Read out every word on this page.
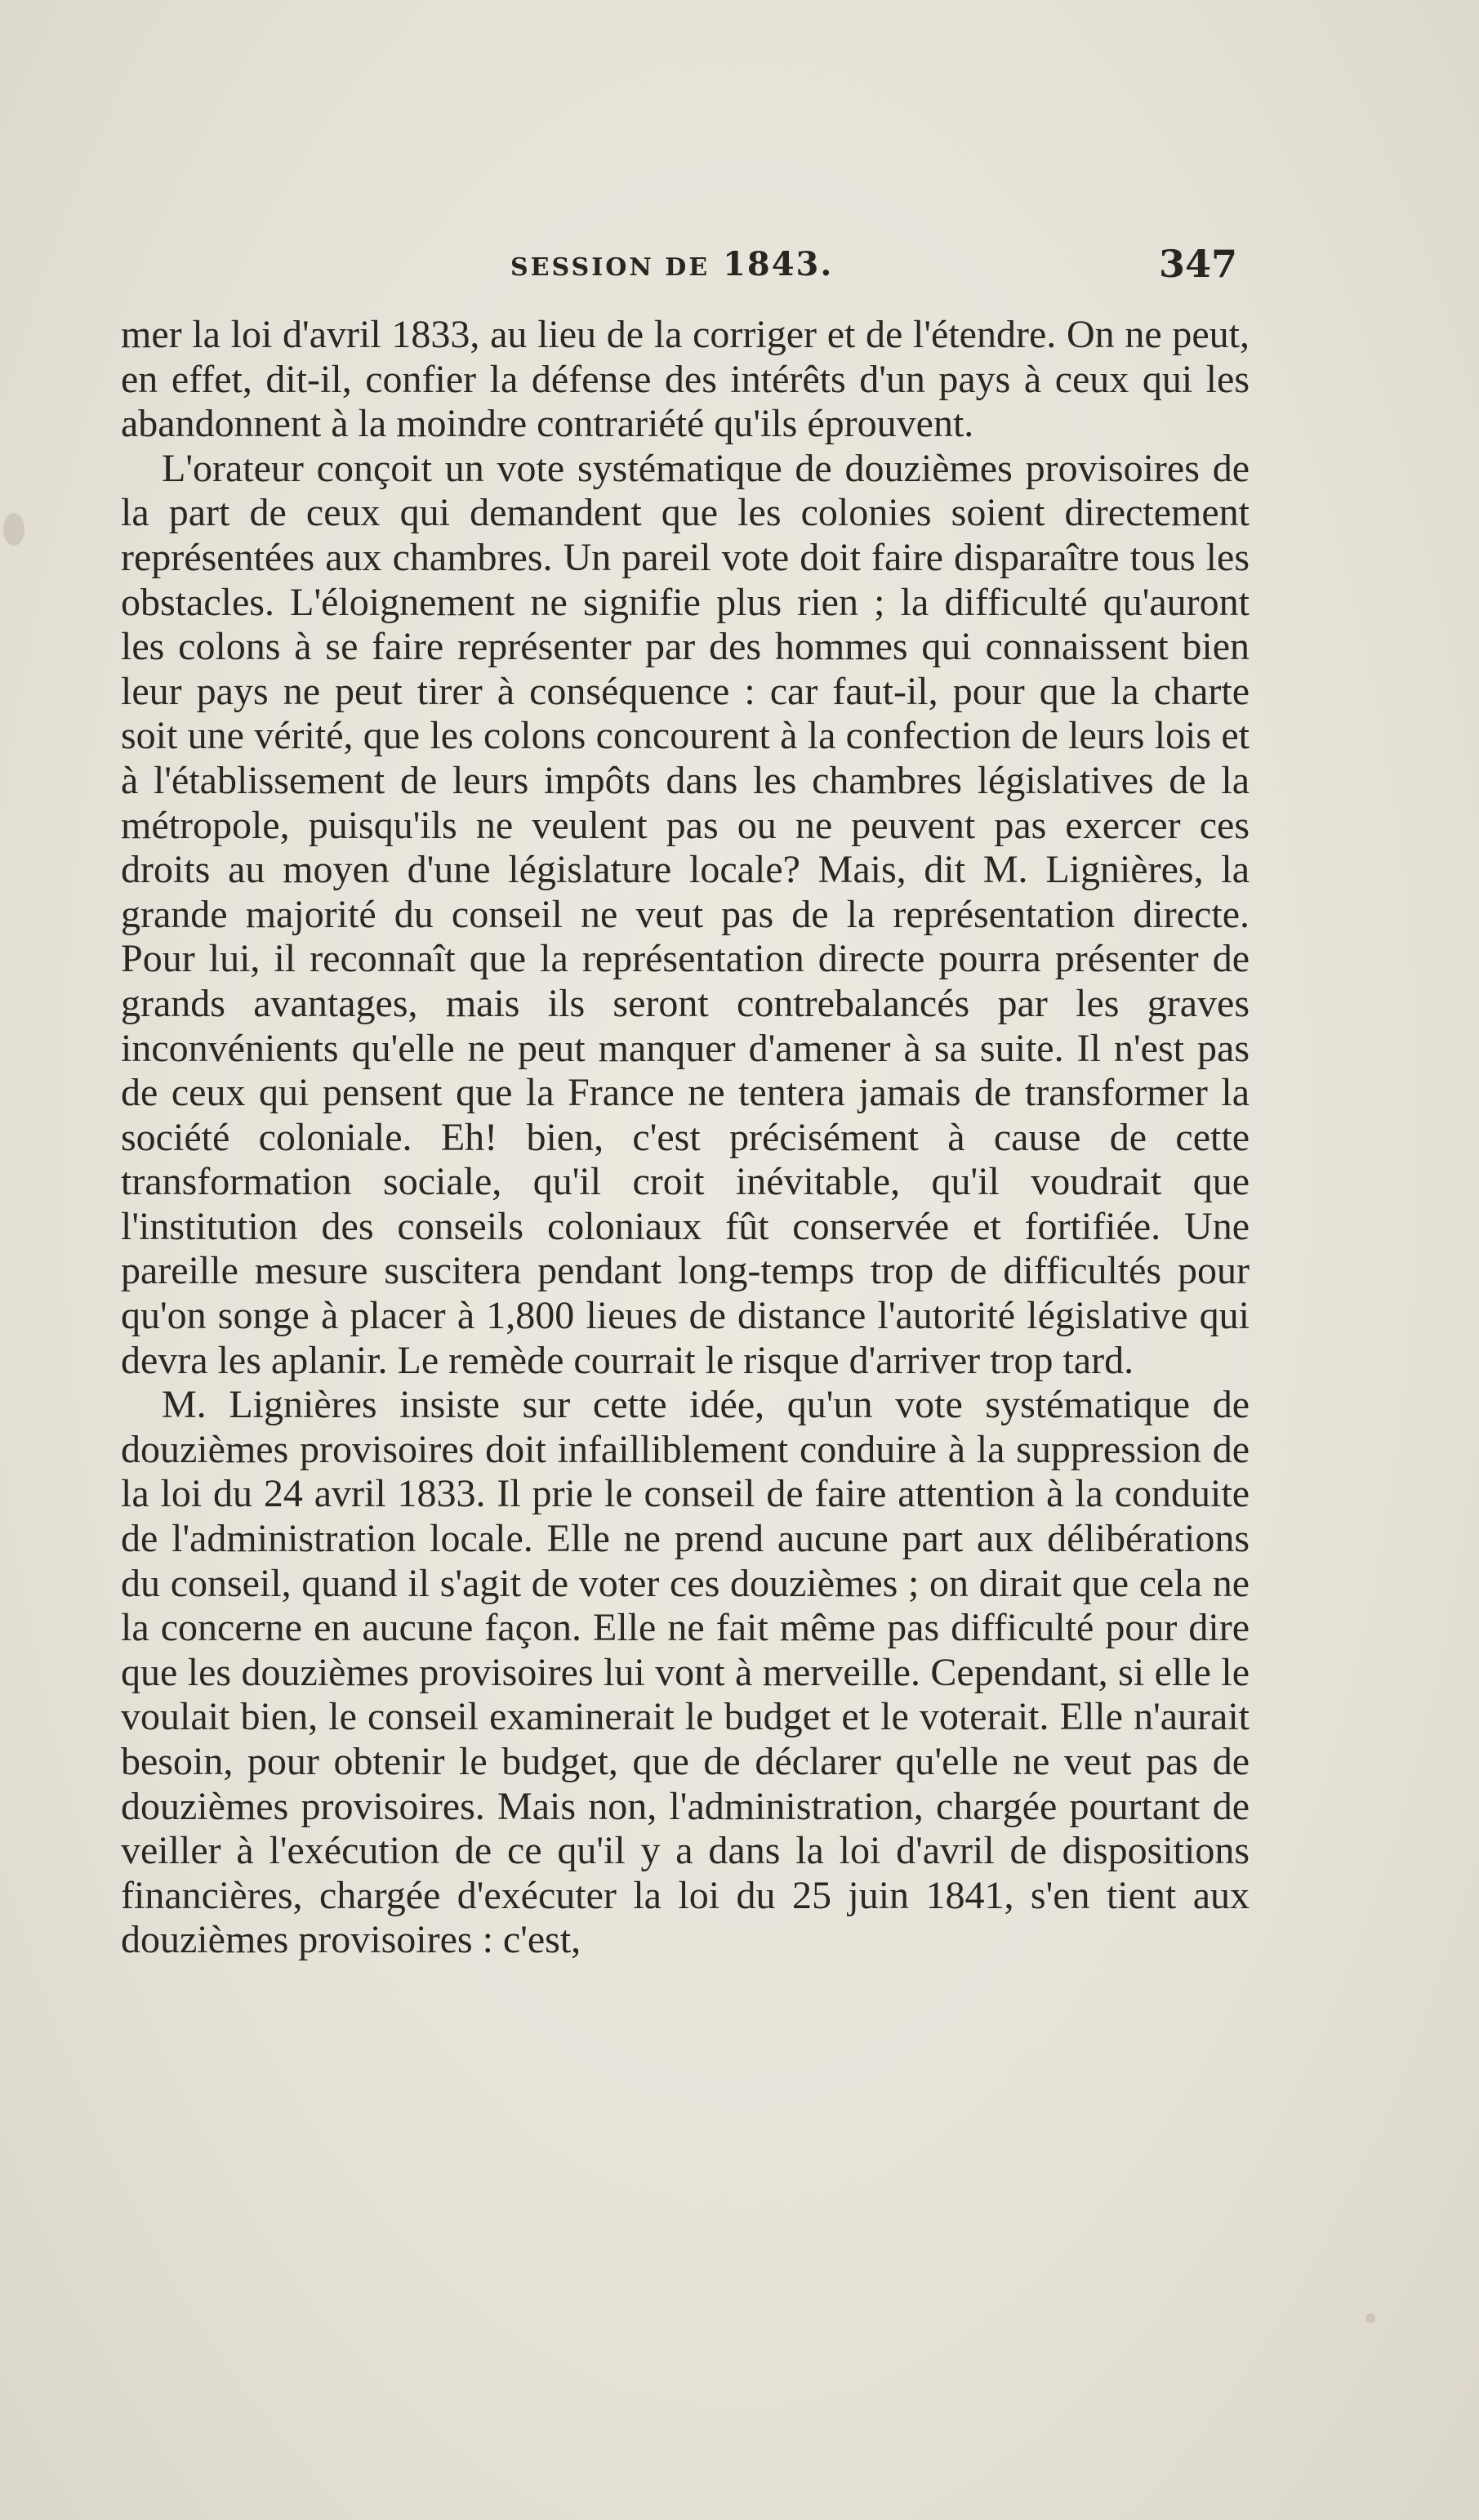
SESSION DE 1843.	347

mer la loi d'avril 1833, au lieu de la corriger et de l'étendre. On ne peut, en effet, dit-il, confier la défense des intérêts d'un pays à ceux qui les abandonnent à la moindre contrariété qu'ils éprouvent.

L'orateur conçoit un vote systématique de douzièmes provisoires de la part de ceux qui demandent que les colonies soient directement représentées aux chambres. Un pareil vote doit faire disparaître tous les obstacles. L'éloignement ne signifie plus rien ; la difficulté qu'auront les colons à se faire représenter par des hommes qui connaissent bien leur pays ne peut tirer à conséquence : car faut-il, pour que la charte soit une vérité, que les colons concourent à la confection de leurs lois et à l'établissement de leurs impôts dans les chambres législatives de la métropole, puisqu'ils ne veulent pas ou ne peuvent pas exercer ces droits au moyen d'une législature locale? Mais, dit M. Lignières, la grande majorité du conseil ne veut pas de la représentation directe. Pour lui, il reconnaît que la représentation directe pourra présenter de grands avantages, mais ils seront contrebalancés par les graves inconvénients qu'elle ne peut manquer d'amener à sa suite. Il n'est pas de ceux qui pensent que la France ne tentera jamais de transformer la société coloniale. Eh! bien, c'est précisément à cause de cette transformation sociale, qu'il croit inévitable, qu'il voudrait que l'institution des conseils coloniaux fût conservée et fortifiée. Une pareille mesure suscitera pendant long-temps trop de difficultés pour qu'on songe à placer à 1,800 lieues de distance l'autorité législative qui devra les aplanir. Le remède courrait le risque d'arriver trop tard.

M. Lignières insiste sur cette idée, qu'un vote systématique de douzièmes provisoires doit infailliblement conduire à la suppression de la loi du 24 avril 1833. Il prie le conseil de faire attention à la conduite de l'administration locale. Elle ne prend aucune part aux délibérations du conseil, quand il s'agit de voter ces douzièmes ; on dirait que cela ne la concerne en aucune façon. Elle ne fait même pas difficulté pour dire que les douzièmes provisoires lui vont à merveille. Cependant, si elle le voulait bien, le conseil examinerait le budget et le voterait. Elle n'aurait besoin, pour obtenir le budget, que de déclarer qu'elle ne veut pas de douzièmes provisoires. Mais non, l'administration, chargée pourtant de veiller à l'exécution de ce qu'il y a dans la loi d'avril de dispositions financières, chargée d'exécuter la loi du 25 juin 1841, s'en tient aux douzièmes provisoires : c'est,
